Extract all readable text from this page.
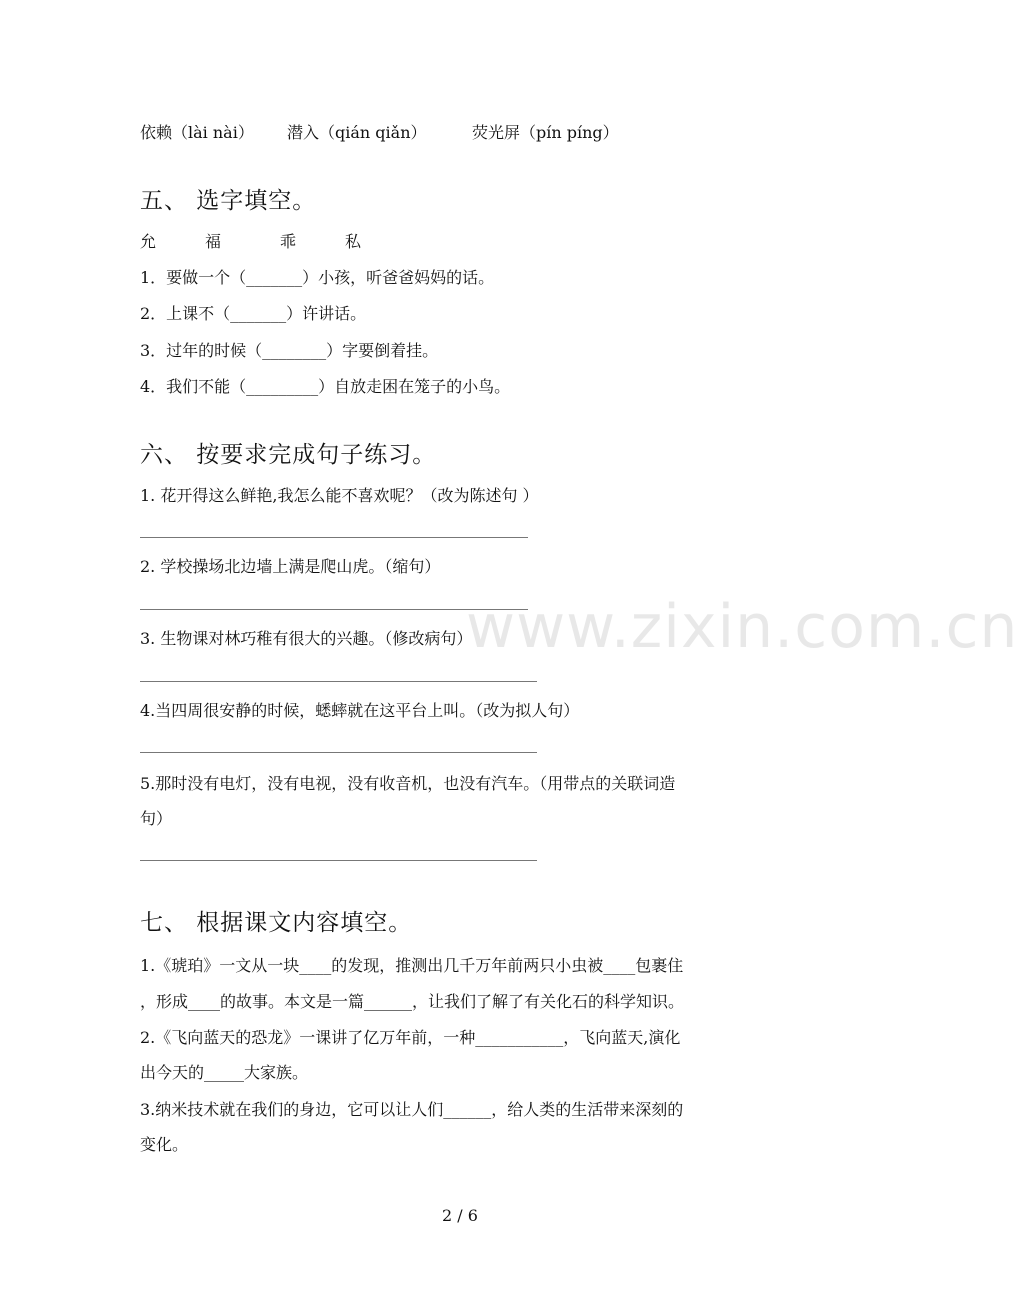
依赖（lài nài） 潜入（qián qiǎn）	荧光屏（pín píng）
五、 选字填空。
允	福	乖	私
1．要做一个（_______）小孩，听爸爸妈妈的话。
2．上课不（_______）许讲话。
3．过年的时候（________）字要倒着挂。
4．我们不能（_________）自放走困在笼子的小鸟。
六、 按要求完成句子练习。
1. 花开得这么鲜艳,我怎么能不喜欢呢？（改为陈述句 ）
2. 学校操场北边墙上满是爬山虎。（缩句）
3. 生物课对林巧稚有很大的兴趣。（修改病句）
4.当四周很安静的时候，蟋蟀就在这平台上叫。（改为拟人句）
5.那时没有电灯，没有电视，没有收音机，也没有汽车。（用带点的关联词造
句）
www.zixin.com.cn
七、 根据课文内容填空。
1.《琥珀》一文从一块____的发现，推测出几千万年前两只小虫被____包裹住
，形成____的故事。本文是一篇______，让我们了解了有关化石的科学知识。
2.《飞向蓝天的恐龙》一课讲了亿万年前，一种___________，飞向蓝天,演化
出今天的_____大家族。
3.纳米技术就在我们的身边，它可以让人们______，给人类的生活带来深刻的
变化。
2 / 6
